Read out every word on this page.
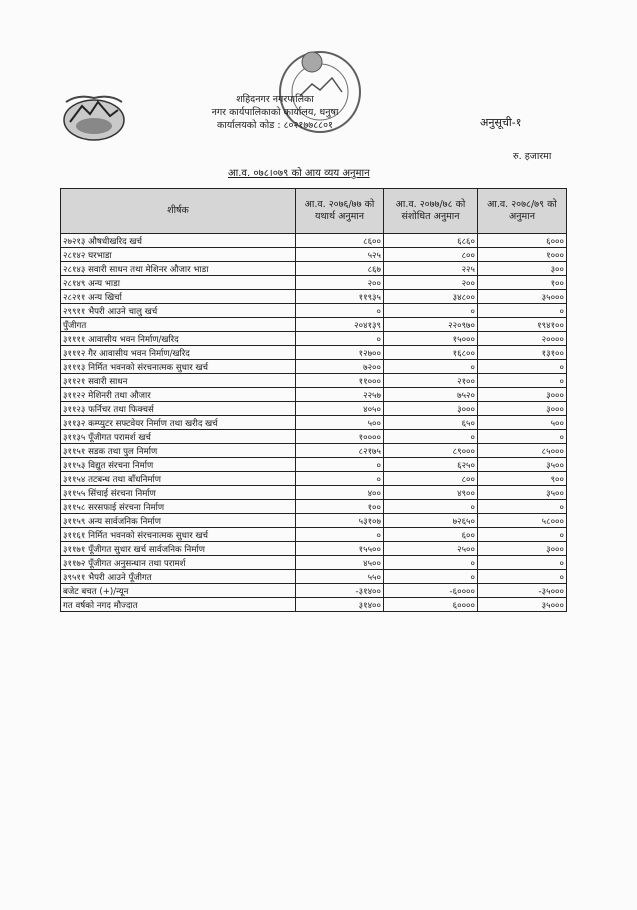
शहिदनगर नगरपालिका
नगर कार्यपालिकाको कार्यालय, धनुषा
कार्यालयको कोड : ८०२१७७८८०१	अनुसूची-१
रु. हजारमा
आ.व. ०७८।०७९ को आय व्यय अनुमान
शीर्षक	आ.व. २०७६/७७ को यथार्थ अनुमान	आ.व. २०७७/७८ को संशोधित अनुमान	आ.व. २०७८/७९ को अनुमान
२७२१३ औषधीखरिद खर्च	८६००	६८६०	६०००
२८१४२ घरभाडा	५२५	८००	१०००
२८१४३ सवारी साधन तथा मेशिनर औजार भाडा	८६७	२२५	३००
२८१४९ अन्य भाडा	२००	२००	१००
२८२११ अन्य खिर्चा	११९३५	३४८००	३५०००
२९९११ भैपरी आउने चालु खर्च	०	०	०
पुँजीगत	२०४१३९	२२०९७०	१९४१००
३११११ आवासीय भवन निर्माण/खरिद	०	१५०००	२००००
३१११२ गैर आवासीय भवन निर्माण/खरिद	१२७००	१६८००	१३१००
३१११३ निर्मित भवनको संरचनात्मक सुधार खर्च	७२००	०	०
३११२१ सवारी साधन	११०००	२१००	०
३११२२ मेशिनरी तथा औजार	२२५७	७५२०	३०००
३११२३ फर्निचर तथा फिक्चर्स	४०५०	३०००	३०००
३११३२ कम्प्युटर सफ्टवेयर निर्माण तथा खरीद खर्च	५००	६५०	५००
३११३५ पूँजीगत परामर्श खर्च	१००००	०	०
३११५१ सडक तथा पुल निर्माण	८२१७५	८९०००	८५०००
३११५३ विद्युत संरचना निर्माण	०	६२५०	३५००
३११५४ तटबन्ध तथा बाँधनिर्माण	०	८००	९००
३११५५ सिंचाई संरचना निर्माण	४००	४९००	३५००
३११५८ सरसफाई संरचना निर्माण	१००	०	०
३११५९ अन्य सार्वजनिक निर्माण	५३१०७	७२६५०	५८०००
३११६१ निर्मित भवनको संरचनात्मक सुधार खर्च	०	६००	०
३११७१ पूँजीगत सुधार खर्च सार्वजनिक निर्माण	१५५००	२५००	३०००
३११७२ पूँजीगत अनुसन्धान तथा परामर्श	४५००	०	०
३९५११ भैपरी आउने पूँजीगत	५५०	०	०
बजेट बचत (+)/न्यून	-३१४००	-६००००	-३५०००
गत वर्षको नगद मौज्दात	३१४००	६००००	३५०००
